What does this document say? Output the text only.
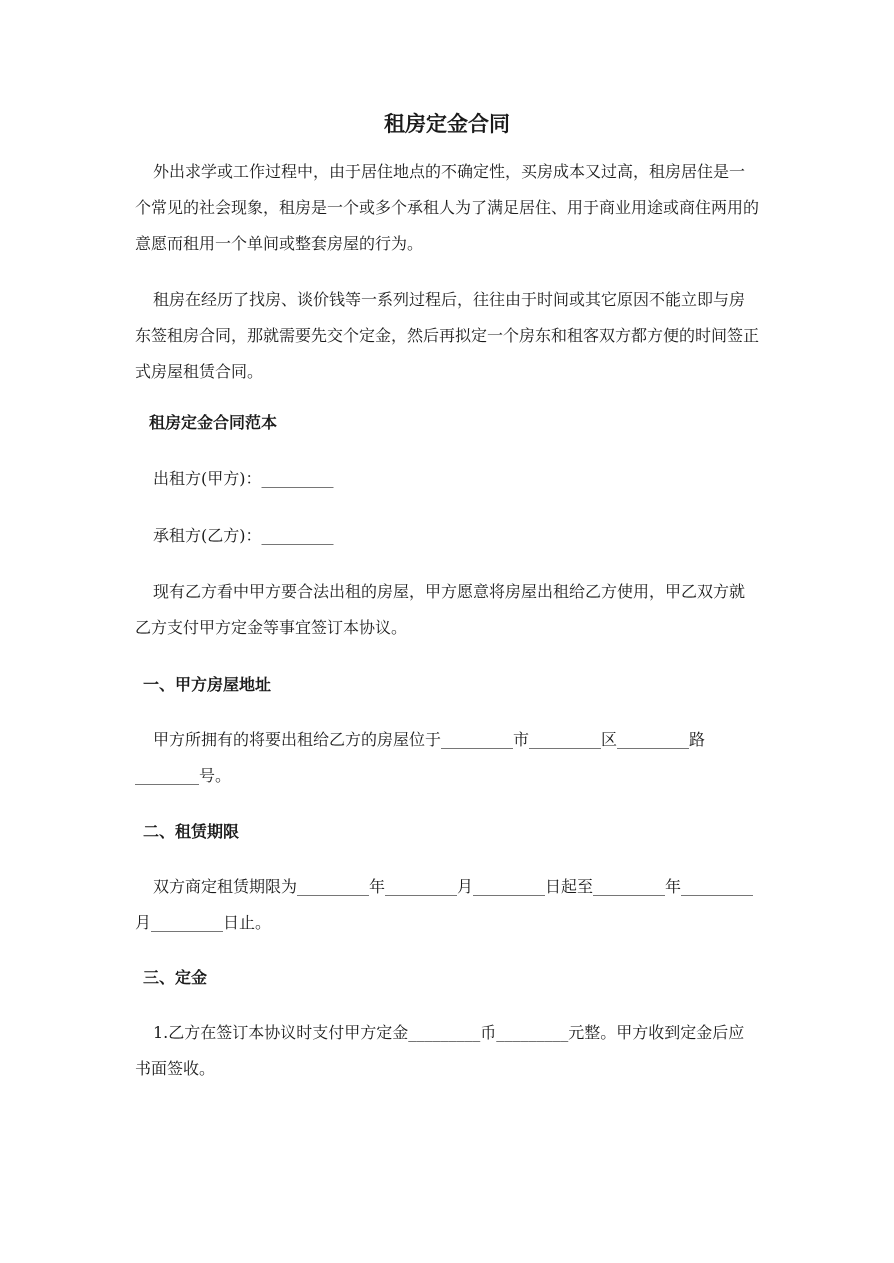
租房定金合同

外出求学或工作过程中，由于居住地点的不确定性，买房成本又过高，租房居住是一个常见的社会现象，租房是一个或多个承租人为了满足居住、用于商业用途或商住两用的意愿而租用一个单间或整套房屋的行为。

租房在经历了找房、谈价钱等一系列过程后，往往由于时间或其它原因不能立即与房东签租房合同，那就需要先交个定金，然后再拟定一个房东和租客双方都方便的时间签正式房屋租赁合同。

租房定金合同范本

出租方(甲方)：_________

承租方(乙方)：_________

现有乙方看中甲方要合法出租的房屋，甲方愿意将房屋出租给乙方使用，甲乙双方就乙方支付甲方定金等事宜签订本协议。

一、甲方房屋地址

甲方所拥有的将要出租给乙方的房屋位于_________市_________区_________路________号。

二、租赁期限

双方商定租赁期限为_________年_________月_________日起至_________年_________月_________日止。

三、定金

1.乙方在签订本协议时支付甲方定金_________币_________元整。甲方收到定金后应书面签收。
